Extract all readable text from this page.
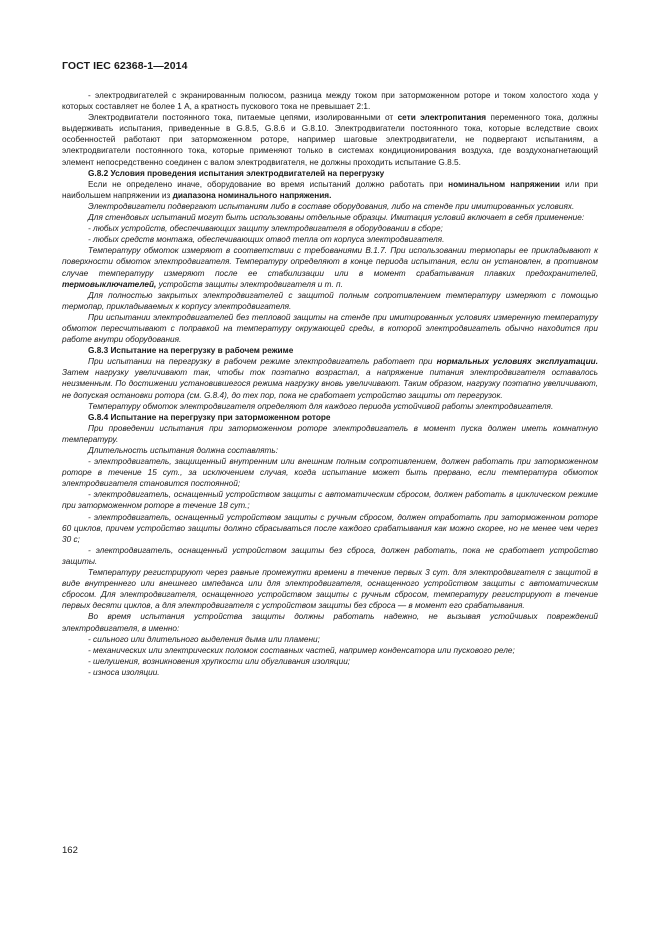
ГОСТ IEC 62368-1—2014

- электродвигателей с экранированным полюсом, разница между током при заторможенном роторе и током холостого хода у которых составляет не более 1 А, а кратность пускового тока не превышает 2:1.

Электродвигатели постоянного тока, питаемые цепями, изолированными от сети электропитания переменного тока, должны выдерживать испытания, приведенные в G.8.5, G.8.6 и G.8.10. Электродвигатели постоянного тока, которые вследствие своих особенностей работают при заторможенном роторе, например шаговые электродвигатели, не подвергают испытаниям, а электродвигатели постоянного тока, которые применяют только в системах кондиционирования воздуха, где воздухонагнетающий элемент непосредственно соединен с валом электродвигателя, не должны проходить испытание G.8.5.

G.8.2 Условия проведения испытания электродвигателей на перегрузку

Если не определено иначе, оборудование во время испытаний должно работать при номинальном напряжении или при наибольшем напряжении из диапазона номинального напряжения.

Электродвигатели подвергают испытаниям либо в составе оборудования, либо на стенде при имитированных условиях.

Для стендовых испытаний могут быть использованы отдельные образцы. Имитация условий включает в себя применение:

- любых устройств, обеспечивающих защиту электродвигателя в оборудовании в сборе;

- любых средств монтажа, обеспечивающих отвод тепла от корпуса электродвигателя.

Температуру обмоток измеряют в соответствии с требованиями В.1.7. При использовании термопары ее прикладывают к поверхности обмоток электродвигателя. Температуру определяют в конце периода испытания, если он установлен, в противном случае температуру измеряют после ее стабилизации или в момент срабатывания плавких предохранителей, термовыключателей, устройств защиты электродвигателя и т. п.

Для полностью закрытых электродвигателей с защитой полным сопротивлением температуру измеряют с помощью термопар, прикладываемых к корпусу электродвигателя.

При испытании электродвигателей без тепловой защиты на стенде при имитированных условиях измеренную температуру обмоток пересчитывают с поправкой на температуру окружающей среды, в которой электродвигатель обычно находится при работе внутри оборудования.

G.8.3 Испытание на перегрузку в рабочем режиме

При испытании на перегрузку в рабочем режиме электродвигатель работает при нормальных условиях эксплуатации. Затем нагрузку увеличивают так, чтобы ток поэтапно возрастал, а напряжение питания электродвигателя оставалось неизменным. По достижении установившегося режима нагрузку вновь увеличивают. Таким образом, нагрузку поэтапно увеличивают, не допуская остановки ротора (см. G.8.4), до тех пор, пока не сработает устройство защиты от перегрузок.

Температуру обмоток электродвигателя определяют для каждого периода устойчивой работы электродвигателя.

G.8.4 Испытание на перегрузку при заторможенном роторе

При проведении испытания при заторможенном роторе электродвигатель в момент пуска должен иметь комнатную температуру.

Длительность испытания должна составлять:

- электродвигатель, защищенный внутренним или внешним полным сопротивлением, должен работать при заторможенном роторе в течение 15 сут., за исключением случая, когда испытание может быть прервано, если температура обмоток электродвигателя становится постоянной;

- электродвигатель, оснащенный устройством защиты с автоматическим сбросом, должен работать в циклическом режиме при заторможенном роторе в течение 18 сут.;

- электродвигатель, оснащенный устройством защиты с ручным сбросом, должен отработать при заторможенном роторе 60 циклов, причем устройство защиты должно сбрасываться после каждого срабатывания как можно скорее, но не менее чем через 30 с;

- электродвигатель, оснащенный устройством защиты без сброса, должен работать, пока не сработает устройство защиты.

Температуру регистрируют через равные промежутки времени в течение первых 3 сут. для электродвигателя с защитой в виде внутреннего или внешнего импеданса или для электродвигателя, оснащенного устройством защиты с автоматическим сбросом. Для электродвигателя, оснащенного устройством защиты с ручным сбросом, температуру регистрируют в течение первых десяти циклов, а для электродвигателя с устройством защиты без сброса — в момент его срабатывания.

Во время испытания устройства защиты должны работать надежно, не вызывая устойчивых повреждений электродвигателя, в именно:

- сильного или длительного выделения дыма или пламени;

- механических или электрических поломок составных частей, например конденсатора или пускового реле;

- шелушения, возникновения хрупкости или обугливания изоляции;

- износа изоляции.

162
